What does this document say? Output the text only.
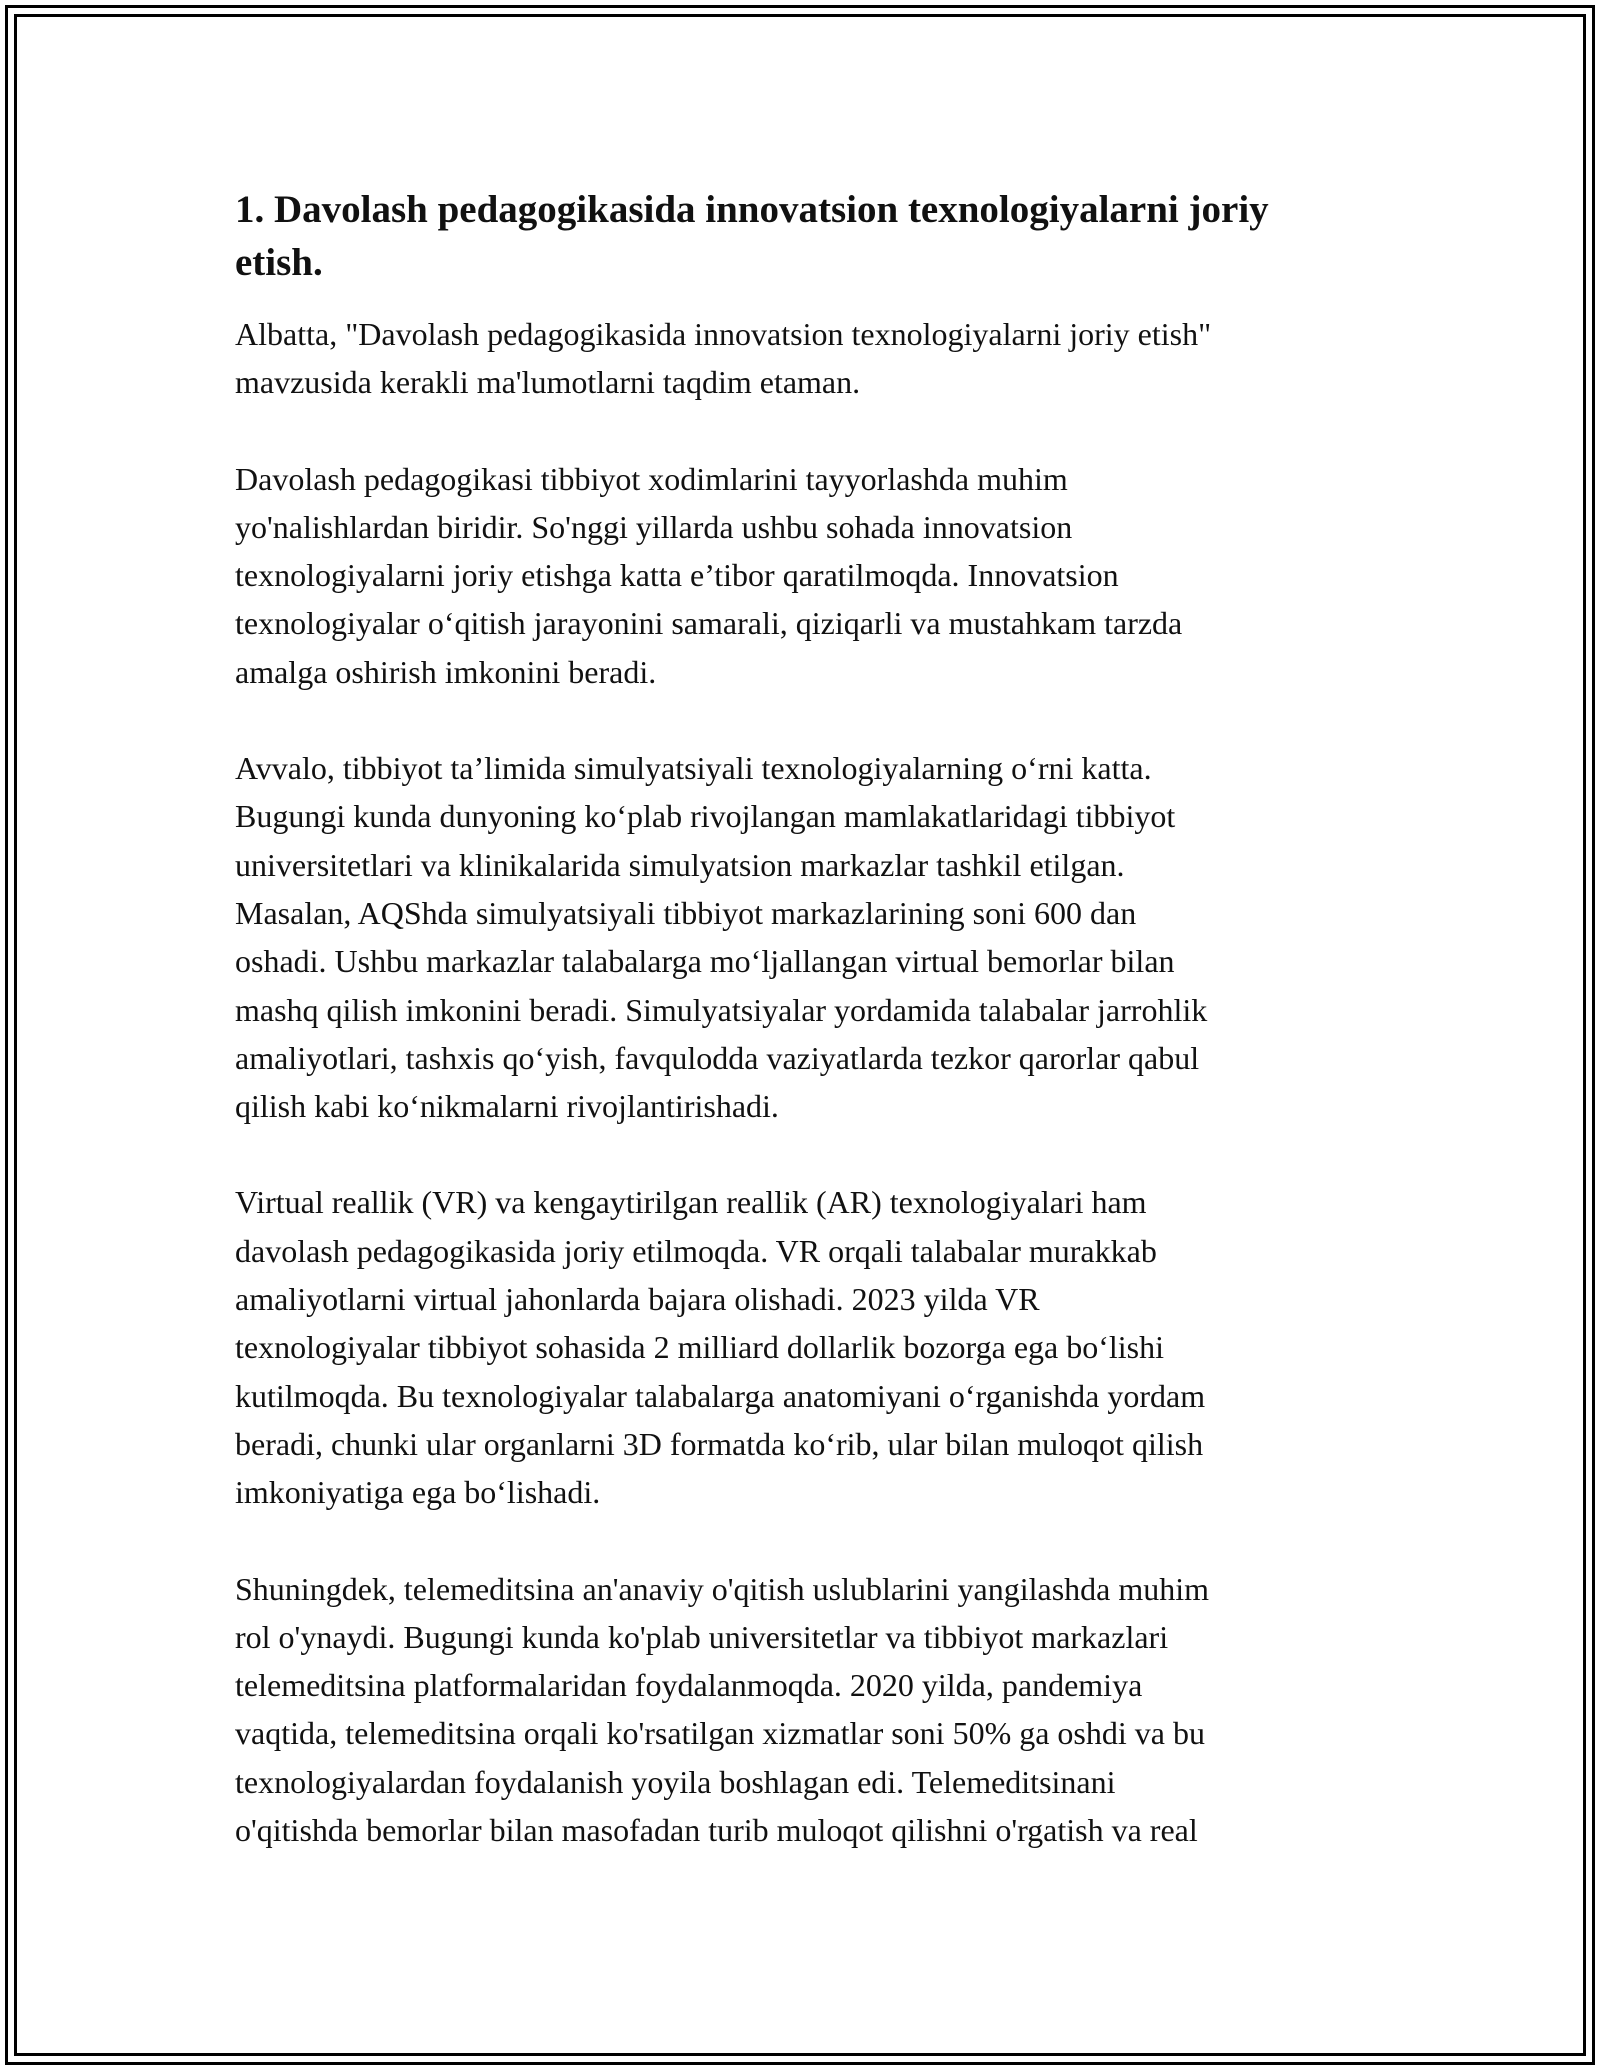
1. Davolash pedagogikasida innovatsion texnologiyalarni joriy
etish.

Albatta, "Davolash pedagogikasida innovatsion texnologiyalarni joriy etish"
mavzusida kerakli ma'lumotlarni taqdim etaman.

Davolash pedagogikasi tibbiyot xodimlarini tayyorlashda muhim
yo'nalishlardan biridir. So'nggi yillarda ushbu sohada innovatsion
texnologiyalarni joriy etishga katta e’tibor qaratilmoqda. Innovatsion
texnologiyalar o‘qitish jarayonini samarali, qiziqarli va mustahkam tarzda
amalga oshirish imkonini beradi.

Avvalo, tibbiyot ta’limida simulyatsiyali texnologiyalarning o‘rni katta.
Bugungi kunda dunyoning ko‘plab rivojlangan mamlakatlaridagi tibbiyot
universitetlari va klinikalarida simulyatsion markazlar tashkil etilgan.
Masalan, AQShda simulyatsiyali tibbiyot markazlarining soni 600 dan
oshadi. Ushbu markazlar talabalarga mo‘ljallangan virtual bemorlar bilan
mashq qilish imkonini beradi. Simulyatsiyalar yordamida talabalar jarrohlik
amaliyotlari, tashxis qo‘yish, favqulodda vaziyatlarda tezkor qarorlar qabul
qilish kabi ko‘nikmalarni rivojlantirishadi.

Virtual reallik (VR) va kengaytirilgan reallik (AR) texnologiyalari ham
davolash pedagogikasida joriy etilmoqda. VR orqali talabalar murakkab
amaliyotlarni virtual jahonlarda bajara olishadi. 2023 yilda VR
texnologiyalar tibbiyot sohasida 2 milliard dollarlik bozorga ega bo‘lishi
kutilmoqda. Bu texnologiyalar talabalarga anatomiyani o‘rganishda yordam
beradi, chunki ular organlarni 3D formatda ko‘rib, ular bilan muloqot qilish
imkoniyatiga ega bo‘lishadi.

Shuningdek, telemeditsina an'anaviy o'qitish uslublarini yangilashda muhim
rol o'ynaydi. Bugungi kunda ko'plab universitetlar va tibbiyot markazlari
telemeditsina platformalaridan foydalanmoqda. 2020 yilda, pandemiya
vaqtida, telemeditsina orqali ko'rsatilgan xizmatlar soni 50% ga oshdi va bu
texnologiyalardan foydalanish yoyila boshlagan edi. Telemeditsinani
o'qitishda bemorlar bilan masofadan turib muloqot qilishni o'rgatish va real
